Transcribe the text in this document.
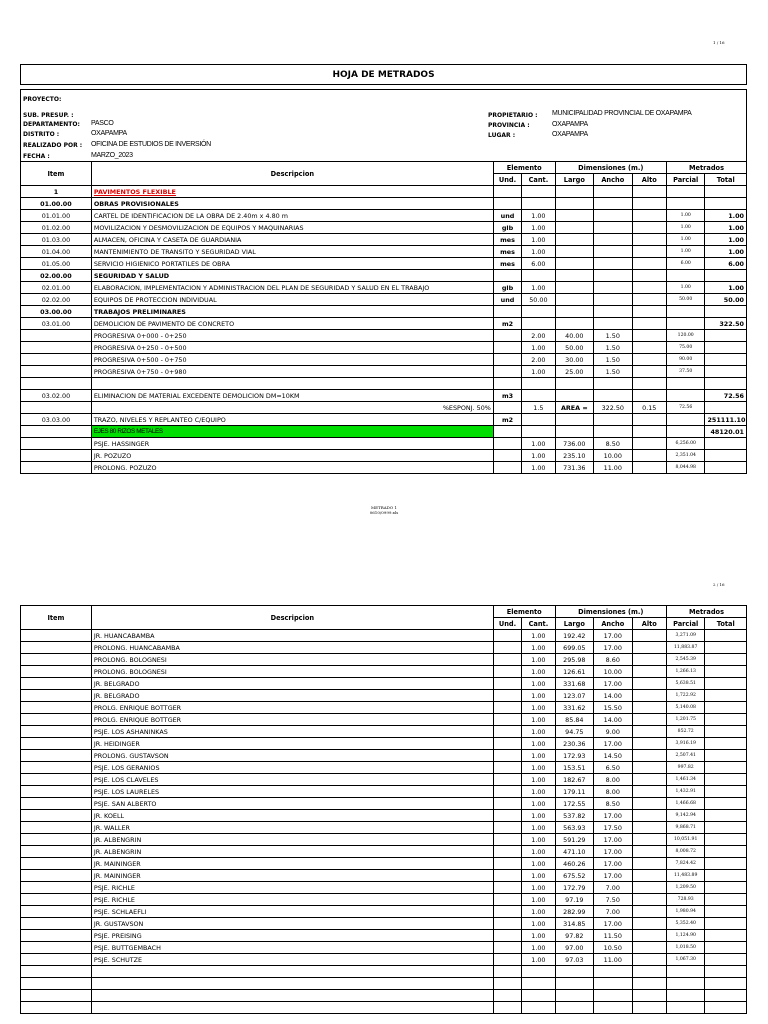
1 / 16
HOJA DE METRADOS
PROYECTO:
SUB. PRESUP. :
DEPARTAMENTO: PASCO
DISTRITO :	OXAPAMPA
REALIZADO POR : OFICINA DE ESTUDIOS DE INVERSIÓN
FECHA :	MARZO_2023
PROPIETARIO : MUNICIPALIDAD PROVINCIAL DE OXAPAMPA
PROVINCIA :	OXAPAMPA
LUGAR :	OXAPAMPA
Item	Descripcion	Elemento		Dimensiones (m.)			Metrados	
		Und.	Cant.	Largo	Ancho	Alto	Parcial	Total
1	PAVIMENTOS FLEXIBLE							
01.00.00	OBRAS PROVISIONALES							
01.01.00	CARTEL DE IDENTIFICACION DE LA OBRA DE 2.40m x 4.80 m	und	1.00				1.00	1.00
01.02.00	MOVILIZACION Y DESMOVILIZACION DE EQUIPOS Y MAQUINARIAS	glb	1.00				1.00	1.00
01.03.00	ALMACEN, OFICINA Y CASETA DE GUARDIANIA	mes	1.00				1.00	1.00
01.04.00	MANTENIMIENTO DE TRANSITO Y SEGURIDAD VIAL	mes	1.00				1.00	1.00
01.05.00	SERVICIO HIGIENICO PORTATILES DE OBRA	mes	6.00				6.00	6.00
02.00.00	SEGURIDAD Y SALUD							
02.01.00	ELABORACION, IMPLEMENTACION Y ADMINISTRACION DEL PLAN DE SEGURIDAD Y SALUD EN EL TRABAJO	glb	1.00				1.00	1.00
02.02.00	EQUIPOS DE PROTECCION INDIVIDUAL	und	50.00				50.00	50.00
03.00.00	TRABAJOS PRELIMINARES							
03.01.00	DEMOLICION DE PAVIMENTO DE CONCRETO	m2						322.50
	PROGRESIVA 0+000 - 0+250		2.00	40.00	1.50		120.00	
	PROGRESIVA 0+250 - 0+500		1.00	50.00	1.50		75.00	
	PROGRESIVA 0+500 - 0+750		2.00	30.00	1.50		90.00	
	PROGRESIVA 0+750 - 0+980		1.00	25.00	1.50		37.50	

03.02.00	ELIMINACION DE MATERIAL EXCEDENTE DEMOLICION DM=10KM	m3						72.56
	%ESPONJ. 50%		1.5	AREA =	322.50	0.15	72.56	
03.03.00	TRAZO, NIVELES Y REPLANTEO C/EQUIPO	m2						251111.10
	EJES 80 RIZOS METALES							48120.01
	PSJE. HASSINGER		1.00	736.00	8.50		6,256.00	
	JR. POZUZO		1.00	235.10	10.00		2,351.04	
	PROLONG. POZUZO		1.00	731.36	11.00		8,044.98	
METRADO 1
0610/0999.xls
2 / 16
Item	Descripcion	Elemento		Dimensiones (m.)			Metrados	
		Und.	Cant.	Largo	Ancho	Alto	Parcial	Total
	JR. HUANCABAMBA		1.00	192.42	17.00		3,271.09	
	PROLONG. HUANCABAMBA		1.00	699.05	17.00		11,883.87	
	PROLONG. BOLOGNESI		1.00	295.98	8.60		2,545.39	
	PROLONG. BOLOGNESI		1.00	126.61	10.00		1,266.13	
	JR. BELGRADO		1.00	331.68	17.00		5,638.51	
	JR. BELGRADO		1.00	123.07	14.00		1,722.92	
	PROLG. ENRIQUE BOTTGER		1.00	331.62	15.50		5,140.08	
	PROLG. ENRIQUE BOTTGER		1.00	85.84	14.00		1,201.75	
	PSJE. LOS ASHANINKAS		1.00	94.75	9.00		852.72	
	JR. HEIDINGER		1.00	230.36	17.00		3,916.19	
	PROLONG. GUSTAVSON		1.00	172.93	14.50		2,507.41	
	PSJE. LOS GERANIOS		1.00	153.51	6.50		997.82	
	PSJE. LOS CLAVELES		1.00	182.67	8.00		1,461.34	
	PSJE. LOS LAURELES		1.00	179.11	8.00		1,432.91	
	PSJE. SAN ALBERTO		1.00	172.55	8.50		1,466.68	
	JR. KOELL		1.00	537.82	17.00		9,142.94	
	JR. WALLER		1.00	563.93	17.50		9,868.71	
	JR. ALBENGRIN		1.00	591.29	17.00		10,051.91	
	JR. ALBENGRIN		1.00	471.10	17.00		8,008.72	
	JR. MAININGER		1.00	460.26	17.00		7,824.42	
	JR. MAININGER		1.00	675.52	17.00		11,483.89	
	PSJE. RICHLE		1.00	172.79	7.00		1,209.50	
	PSJE. RICHLE		1.00	97.19	7.50		728.93	
	PSJE. SCHLAEFLI		1.00	282.99	7.00		1,980.94	
	JR. GUSTAVSON		1.00	314.85	17.00		5,352.40	
	PSJE. PREISING		1.00	97.82	11.50		1,124.90	
	PSJE. BUTTGEMBACH		1.00	97.00	10.50		1,018.50	
	PSJE. SCHUTZE		1.00	97.03	11.00		1,067.30	
